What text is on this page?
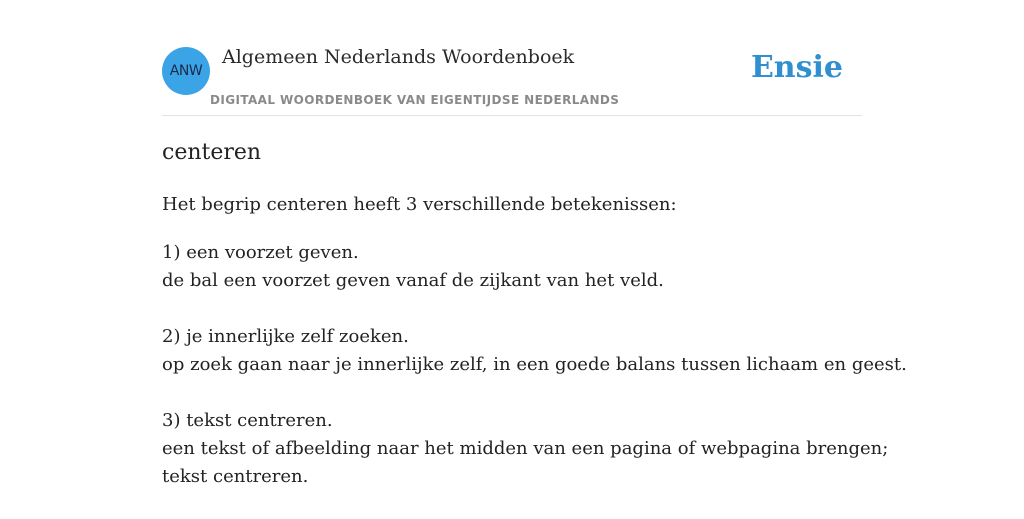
ANW
Algemeen Nederlands Woordenboek
DIGITAAL WOORDENBOEK VAN EIGENTIJDSE NEDERLANDS
Ensie
centeren
Het begrip centeren heeft 3 verschillende betekenissen:
1) een voorzet geven.
de bal een voorzet geven vanaf de zijkant van het veld.
2) je innerlijke zelf zoeken.
op zoek gaan naar je innerlijke zelf, in een goede balans tussen lichaam en geest.
3) tekst centreren.
een tekst of afbeelding naar het midden van een pagina of webpagina brengen;
tekst centreren.
